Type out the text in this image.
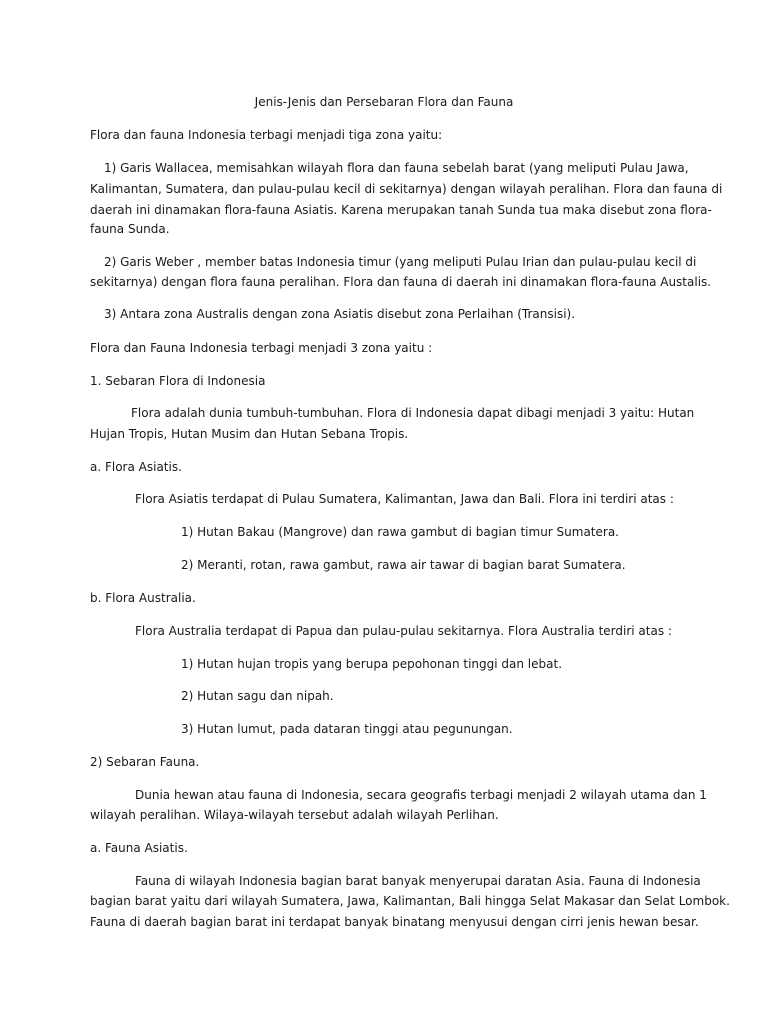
Jenis-Jenis dan Persebaran Flora dan Fauna

Flora dan fauna Indonesia terbagi menjadi tiga zona yaitu:

1) Garis Wallacea, memisahkan wilayah flora dan fauna sebelah barat (yang meliputi Pulau Jawa,

Kalimantan, Sumatera, dan pulau-pulau kecil di sekitarnya) dengan wilayah peralihan. Flora dan fauna di

daerah ini dinamakan flora-fauna Asiatis. Karena merupakan tanah Sunda tua maka disebut zona flora-

fauna Sunda.

2) Garis Weber , member batas Indonesia timur (yang meliputi Pulau Irian dan pulau-pulau kecil di

sekitarnya) dengan flora fauna peralihan. Flora dan fauna di daerah ini dinamakan flora-fauna Austalis.

3) Antara zona Australis dengan zona Asiatis disebut zona Perlaihan (Transisi).

Flora dan Fauna Indonesia terbagi menjadi 3 zona yaitu :

1. Sebaran Flora di Indonesia

Flora adalah dunia tumbuh-tumbuhan. Flora di Indonesia dapat dibagi menjadi 3 yaitu: Hutan

Hujan Tropis, Hutan Musim dan Hutan Sebana Tropis.

a. Flora Asiatis.

Flora Asiatis terdapat di Pulau Sumatera, Kalimantan, Jawa dan Bali. Flora ini terdiri atas :

1) Hutan Bakau (Mangrove) dan rawa gambut di bagian timur Sumatera.

2) Meranti, rotan, rawa gambut, rawa air tawar di bagian barat Sumatera.

b. Flora Australia.

Flora Australia terdapat di Papua dan pulau-pulau sekitarnya. Flora Australia terdiri atas :

1) Hutan hujan tropis yang berupa pepohonan tinggi dan lebat.

2) Hutan sagu dan nipah.

3) Hutan lumut, pada dataran tinggi atau pegunungan.

2) Sebaran Fauna.

Dunia hewan atau fauna di Indonesia, secara geografis terbagi menjadi 2 wilayah utama dan 1

wilayah peralihan. Wilaya-wilayah tersebut adalah wilayah Perlihan.

a. Fauna Asiatis.

Fauna di wilayah Indonesia bagian barat banyak menyerupai daratan Asia. Fauna di Indonesia

bagian barat yaitu dari wilayah Sumatera, Jawa, Kalimantan, Bali hingga Selat Makasar dan Selat Lombok.

Fauna di daerah bagian barat ini terdapat banyak binatang menyusui dengan cirri jenis hewan besar.
